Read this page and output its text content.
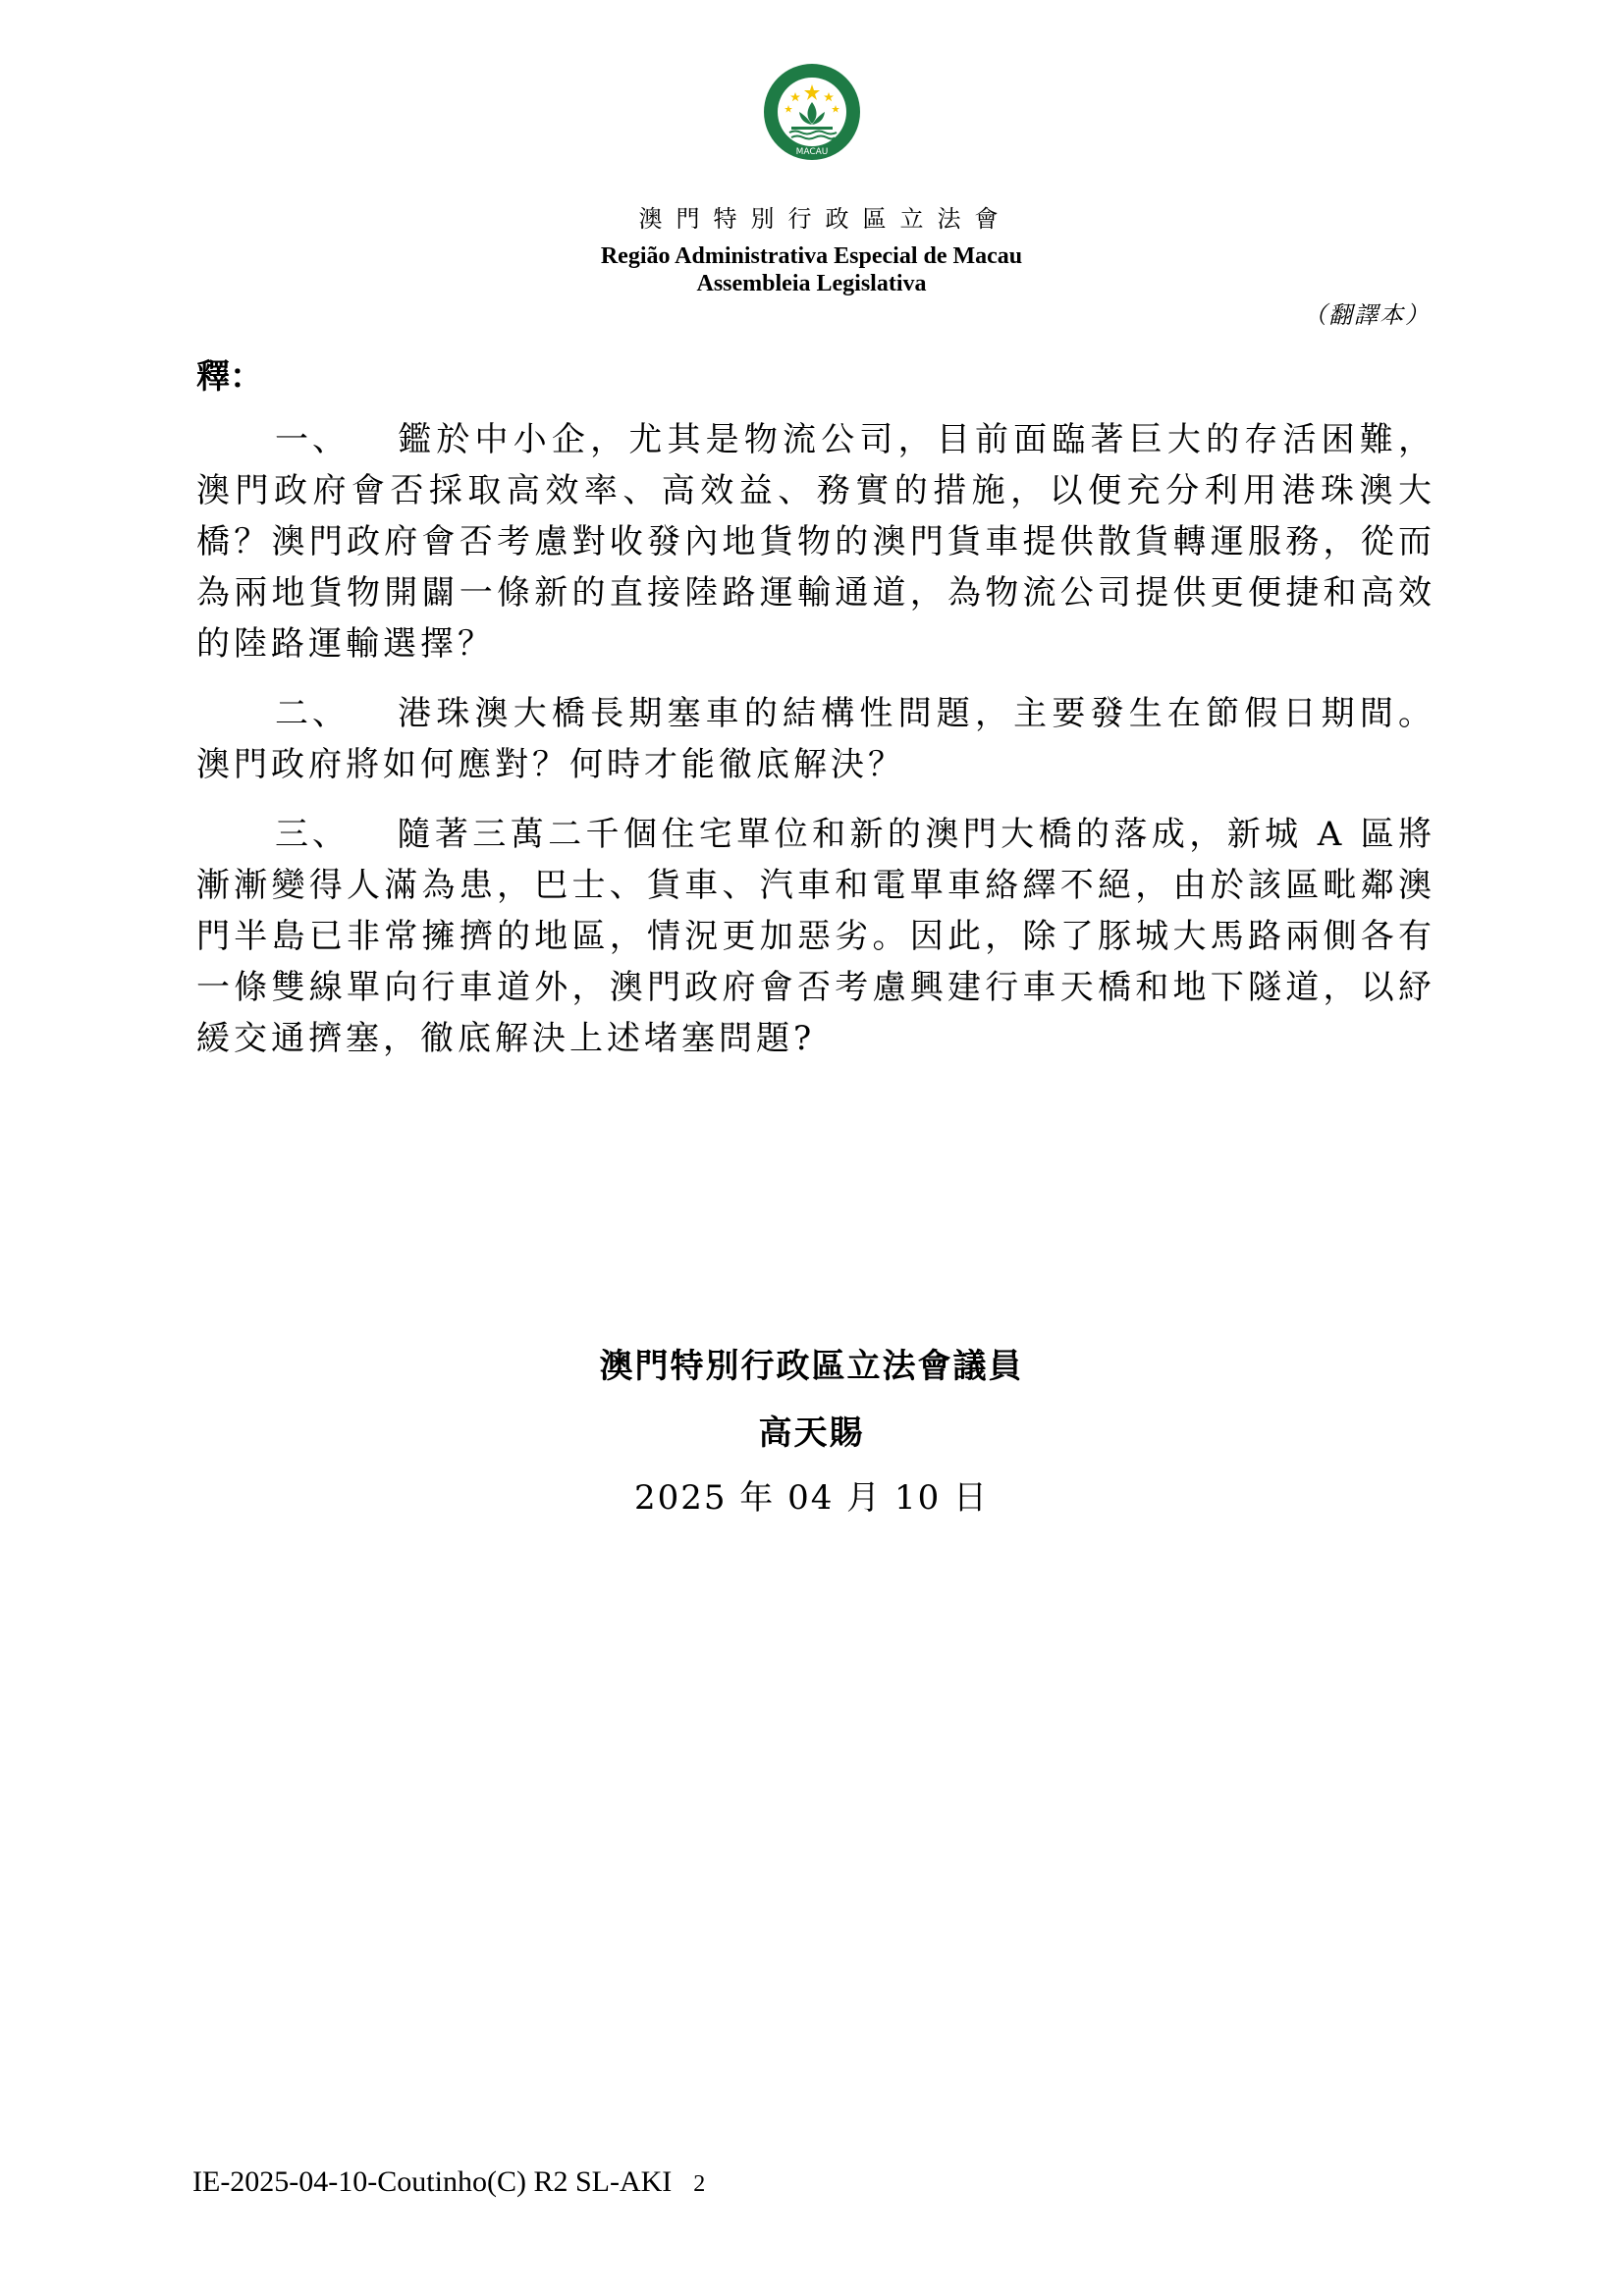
MACAU
澳門特別行政區立法會
Região Administrativa Especial de Macau
Assembleia Legislativa
（翻譯本）
釋：

一、 鑑於中小企，尤其是物流公司，目前面臨著巨大的存活困難，澳門政府會否採取高效率、高效益、務實的措施，以便充分利用港珠澳大橋？澳門政府會否考慮對收發內地貨物的澳門貨車提供散貨轉運服務，從而為兩地貨物開闢一條新的直接陸路運輸通道，為物流公司提供更便捷和高效的陸路運輸選擇？

二、 港珠澳大橋長期塞車的結構性問題，主要發生在節假日期間。澳門政府將如何應對？何時才能徹底解決？

三、 隨著三萬二千個住宅單位和新的澳門大橋的落成，新城 A 區將漸漸變得人滿為患，巴士、貨車、汽車和電單車絡繹不絕，由於該區毗鄰澳門半島已非常擁擠的地區，情況更加惡劣。因此，除了豚城大馬路兩側各有一條雙線單向行車道外，澳門政府會否考慮興建行車天橋和地下隧道，以紓緩交通擠塞，徹底解決上述堵塞問題?

澳門特別行政區立法會議員
高天賜
2025 年 04 月 10 日
IE-2025-04-10-Coutinho(C) R2 SL-AKI 2
